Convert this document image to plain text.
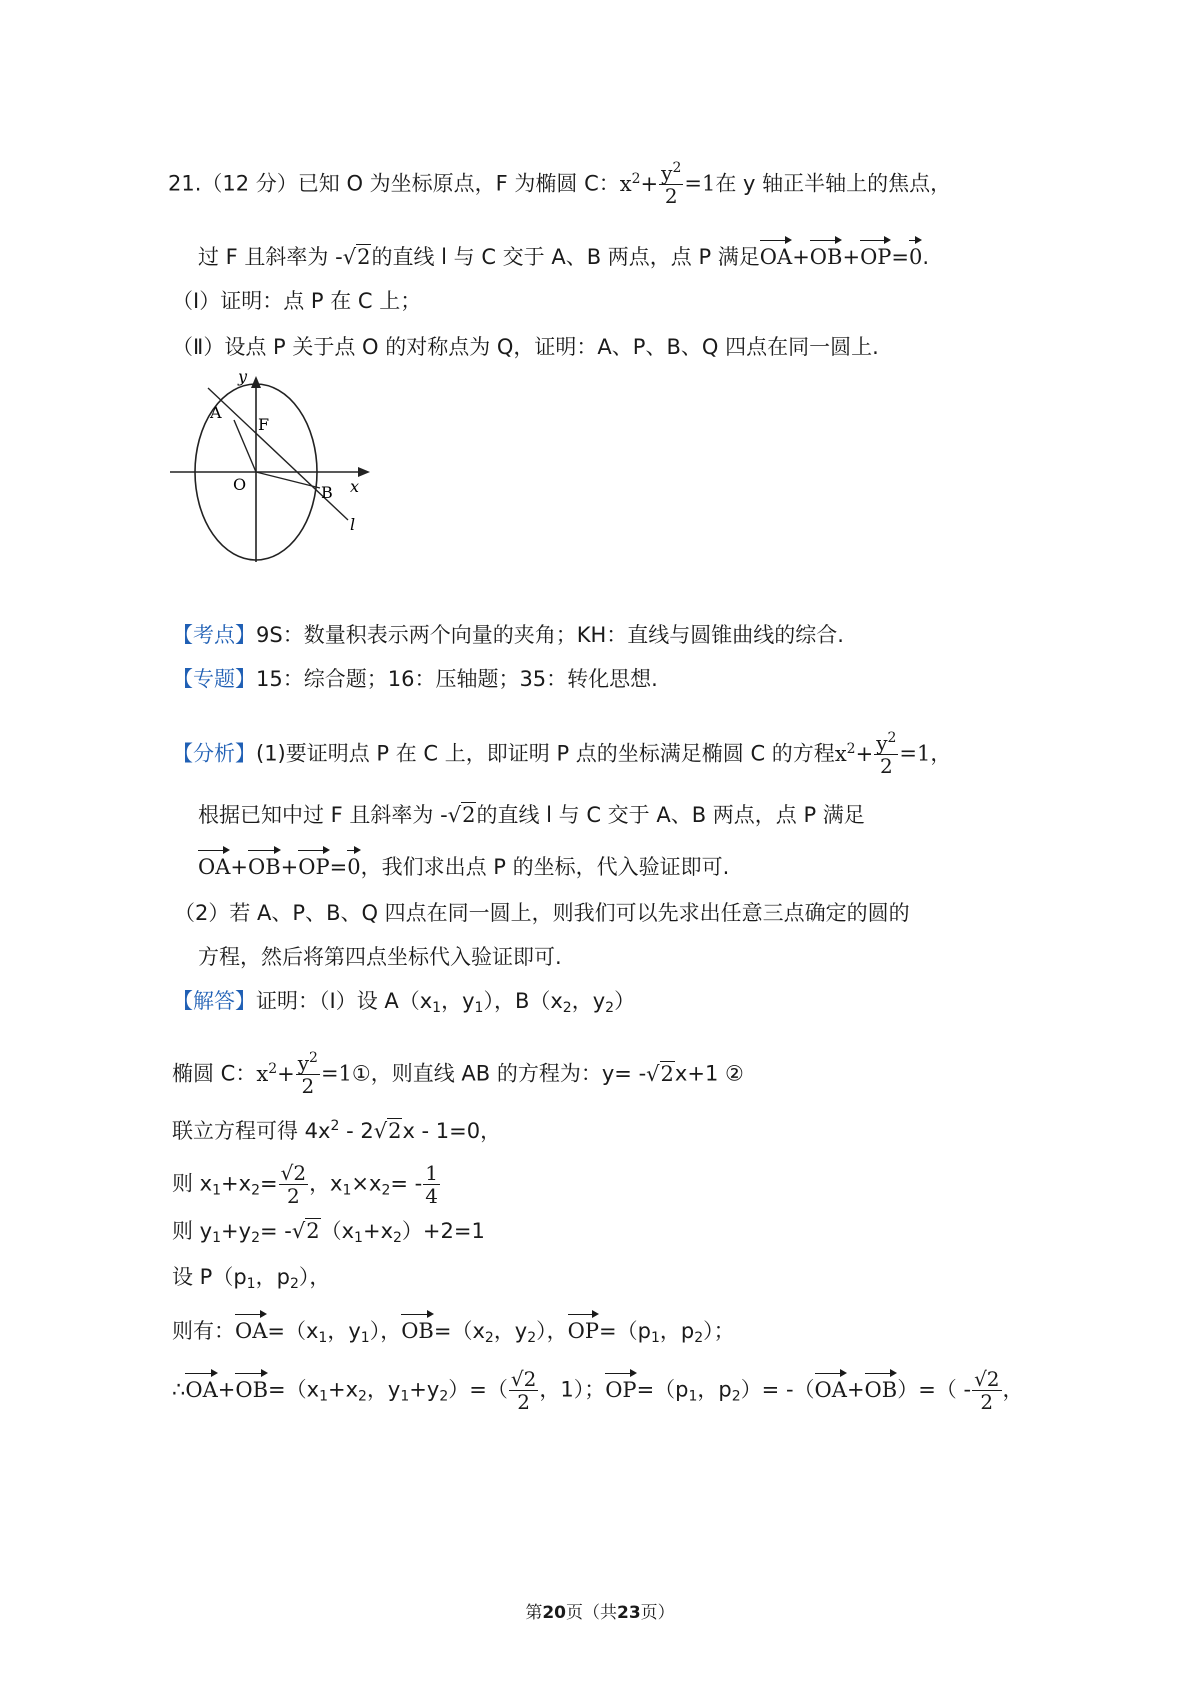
21.（12 分）已知 O 为坐标原点，F 为椭圆 C：$x^2+ \frac{y^2}{2} =1$在 y 轴正半轴上的焦点，
过 F 且斜率为 -√2的直线 l 与 C 交于 A、B 两点，点 P 满足OA+OB+OP=0.
（Ⅰ）证明：点 P 在 C 上；
（Ⅱ）设点 P 关于点 O 的对称点为 Q，证明：A、P、B、Q 四点在同一圆上.
y
x
A
F
O	B
l
【考点】9S：数量积表示两个向量的夹角；KH：直线与圆锥曲线的综合.
【专题】15：综合题；16：压轴题；35：转化思想.
【分析】(1)要证明点 P 在 C 上，即证明 P 点的坐标满足椭圆 C 的方程$x^2+ \frac{y^2}{2} =1$，
根据已知中过 F 且斜率为 -√2的直线 l 与 C 交于 A、B 两点，点 P 满足
OA+OB+OP=0，我们求出点 P 的坐标，代入验证即可.
（2）若 A、P、B、Q 四点在同一圆上，则我们可以先求出任意三点确定的圆的
方程，然后将第四点坐标代入验证即可.
【解答】证明：（Ⅰ）设 $A(x_1$，$y_1$），$B(x_2$，$y_2$）
椭圆 C：$x^2+ \frac{y^2}{2}$ =1①，则直线 AB 的方程为：y= -√2x+1 ②
联立方程可得 $4x^2 - 2√2x - 1=0$，
则 $x_1+x_2= \frac{√2}{2}$ ，$x_1\times x_2= - \frac{1}{4}$
则 $y_1+y_2= -√2(x_1+x_2)+2=1$
设 $P(p_1$，$p_2$），
则有：$OA=(x_1$，$y_1$），$OB=(x_2$，$y_2$），$OP=(p_1$，$p_2$）；
$\therefore OA+OB=(x_1+x_2$，$y_1+y_2)=( \frac{√2}{2}$ ，1）；$OP=(p_1$，$p_2)= -(OA+OB)=( - \frac{√2}{2}$ ，
第20页（共23页）
